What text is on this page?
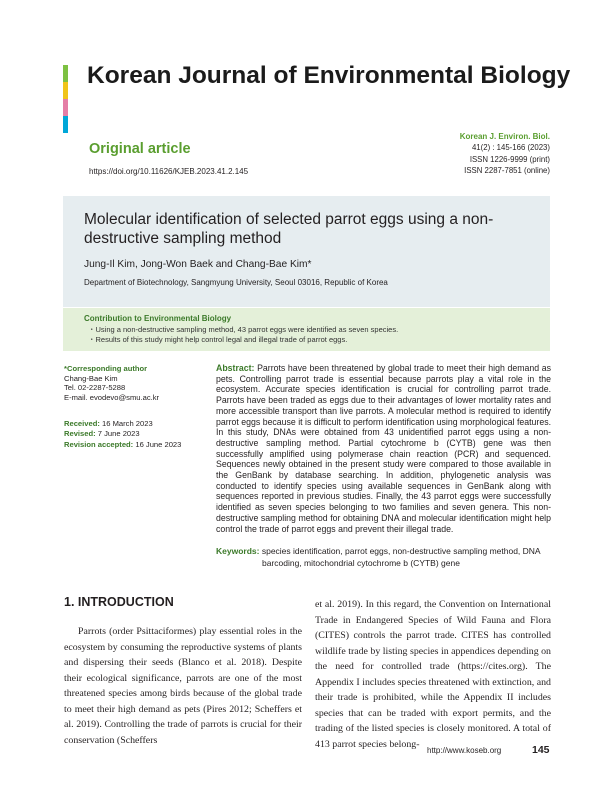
Korean Journal of Environmental Biology
Original article
https://doi.org/10.11626/KJEB.2023.41.2.145
Korean J. Environ. Biol.
41(2) : 145-166 (2023)
ISSN 1226-9999 (print)
ISSN 2287-7851 (online)
Molecular identification of selected parrot eggs using a non-destructive sampling method
Jung-Il Kim, Jong-Won Baek and Chang-Bae Kim*
Department of Biotechnology, Sangmyung University, Seoul 03016, Republic of Korea
Contribution to Environmental Biology
・Using a non-destructive sampling method, 43 parrot eggs were identified as seven species.
・Results of this study might help control legal and illegal trade of parrot eggs.
*Corresponding author
Chang-Bae Kim
Tel. 02-2287-5288
E-mail. evodevo@smu.ac.kr
Received: 16 March 2023
Revised: 7 June 2023
Revision accepted: 16 June 2023
Abstract: Parrots have been threatened by global trade to meet their high demand as pets. Controlling parrot trade is essential because parrots play a vital role in the ecosystem. Accurate species identification is crucial for controlling parrot trade. Parrots have been traded as eggs due to their advantages of lower mortality rates and more accessible transport than live parrots. A molecular method is required to identify parrot eggs because it is difficult to perform identification using morphological features. In this study, DNAs were obtained from 43 unidentified parrot eggs using a non-destructive sampling method. Partial cytochrome b (CYTB) gene was then successfully amplified using polymerase chain reaction (PCR) and sequenced. Sequences newly obtained in the present study were compared to those available in the GenBank by database searching. In addition, phylogenetic analysis was conducted to identify species using available sequences in GenBank along with sequences reported in previous studies. Finally, the 43 parrot eggs were successfully identified as seven species belonging to two families and seven genera. This non-destructive sampling method for obtaining DNA and molecular identification might help control the trade of parrot eggs and prevent their illegal trade.
Keywords: species identification, parrot eggs, non-destructive sampling method, DNA
barcoding, mitochondrial cytochrome b (CYTB) gene
1. INTRODUCTION
Parrots (order Psittaciformes) play essential roles in the ecosystem by consuming the reproductive systems of plants and dispersing their seeds (Blanco et al. 2018). Despite their ecological significance, parrots are one of the most threatened species among birds because of the global trade to meet their high demand as pets (Pires 2012; Scheffers et al. 2019). Controlling the trade of parrots is crucial for their conservation (Scheffers
et al. 2019). In this regard, the Convention on International Trade in Endangered Species of Wild Fauna and Flora (CITES) controls the parrot trade. CITES has controlled wildlife trade by listing species in appendices depending on the need for controlled trade (https://cites.org). The Appendix I includes species threatened with extinction, and their trade is prohibited, while the Appendix II includes species that can be traded with export permits, and the trading of the listed species is closely monitored. A total of 413 parrot species belong-
http://www.koseb.org	145
